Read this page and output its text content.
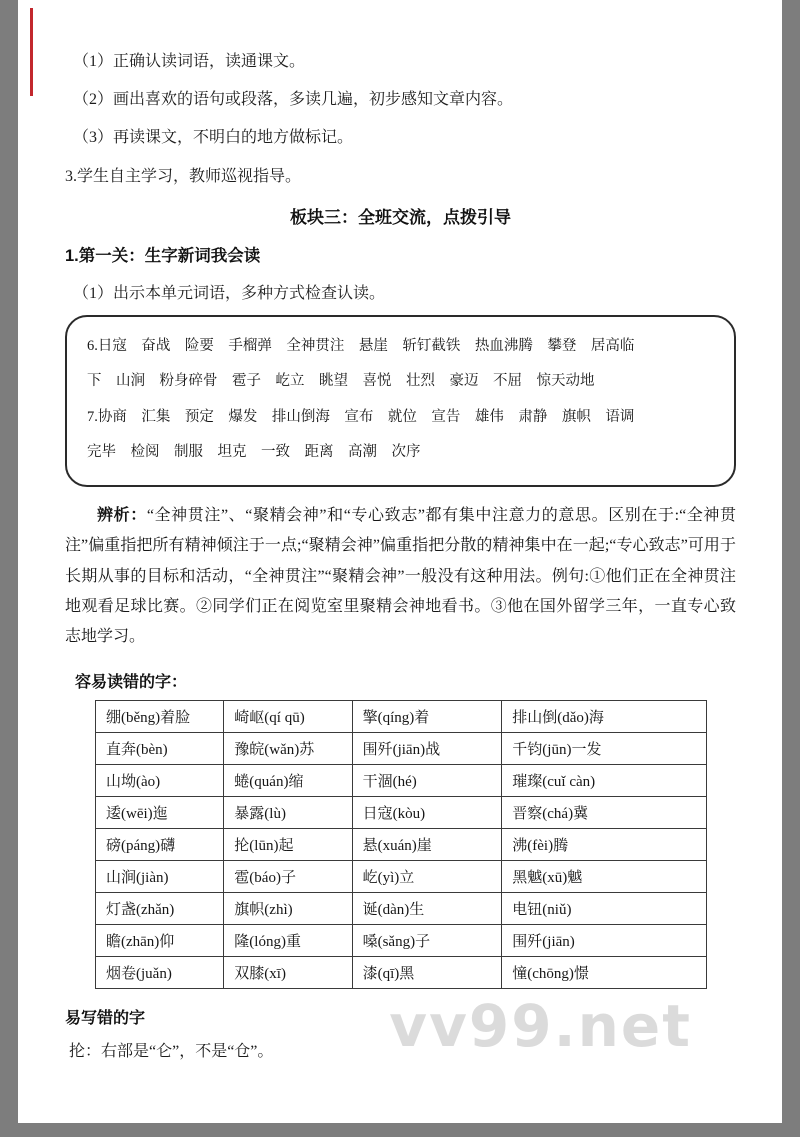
（1）正确认读词语，读通课文。
（2）画出喜欢的语句或段落，多读几遍，初步感知文章内容。
（3）再读课文，不明白的地方做标记。
3.学生自主学习，教师巡视指导。
板块三：全班交流，点拨引导
1.第一关：生字新词我会读
（1）出示本单元词语，多种方式检查认读。
6.日寇 奋战 险要 手榴弹 全神贯注 悬崖 斩钉截铁 热血沸腾 攀登 居高临
下 山涧 粉身碎骨 雹子 屹立 眺望 喜悦 壮烈 豪迈 不屈 惊天动地
7.协商 汇集 预定 爆发 排山倒海 宣布 就位 宣告 雄伟 肃静 旗帜 语调
完毕 检阅 制服 坦克 一致 距离 高潮 次序

辨析：“全神贯注”、“聚精会神”和“专心致志”都有集中注意力的意思。区别在于:“全神贯注”偏重指把所有精神倾注于一点;“聚精会神”偏重指把分散的精神集中在一起;“专心致志”可用于长期从事的目标和活动，“全神贯注”“聚精会神”一般没有这种用法。例句:①他们正在全神贯注地观看足球比赛。②同学们正在阅览室里聚精会神地看书。③他在国外留学三年，一直专心致志地学习。

容易读错的字：
绷(běng)着脸	崎岖(qí qū)	擎(qíng)着	排山倒(dǎo)海
直奔(bèn)	豫皖(wǎn)苏	围歼(jiān)战	千钧(jūn)一发
山坳(ào)	蜷(quán)缩	干涸(hé)	璀璨(cuǐ càn)
逶(wēi)迤	暴露(lù)	日寇(kòu)	晋察(chá)冀
磅(páng)礴	抡(lūn)起	悬(xuán)崖	沸(fèi)腾
山涧(jiàn)	雹(báo)子	屹(yì)立	黑魆(xū)魆
灯盏(zhǎn)	旗帜(zhì)	诞(dàn)生	电钮(niǔ)
瞻(zhān)仰	隆(lóng)重	嗓(sǎng)子	围歼(jiān)
烟卷(juǎn)	双膝(xī)	漆(qī)黑	憧(chōng)憬
易写错的字
抡：右部是“仑”，不是“仓”。	vv99.net
